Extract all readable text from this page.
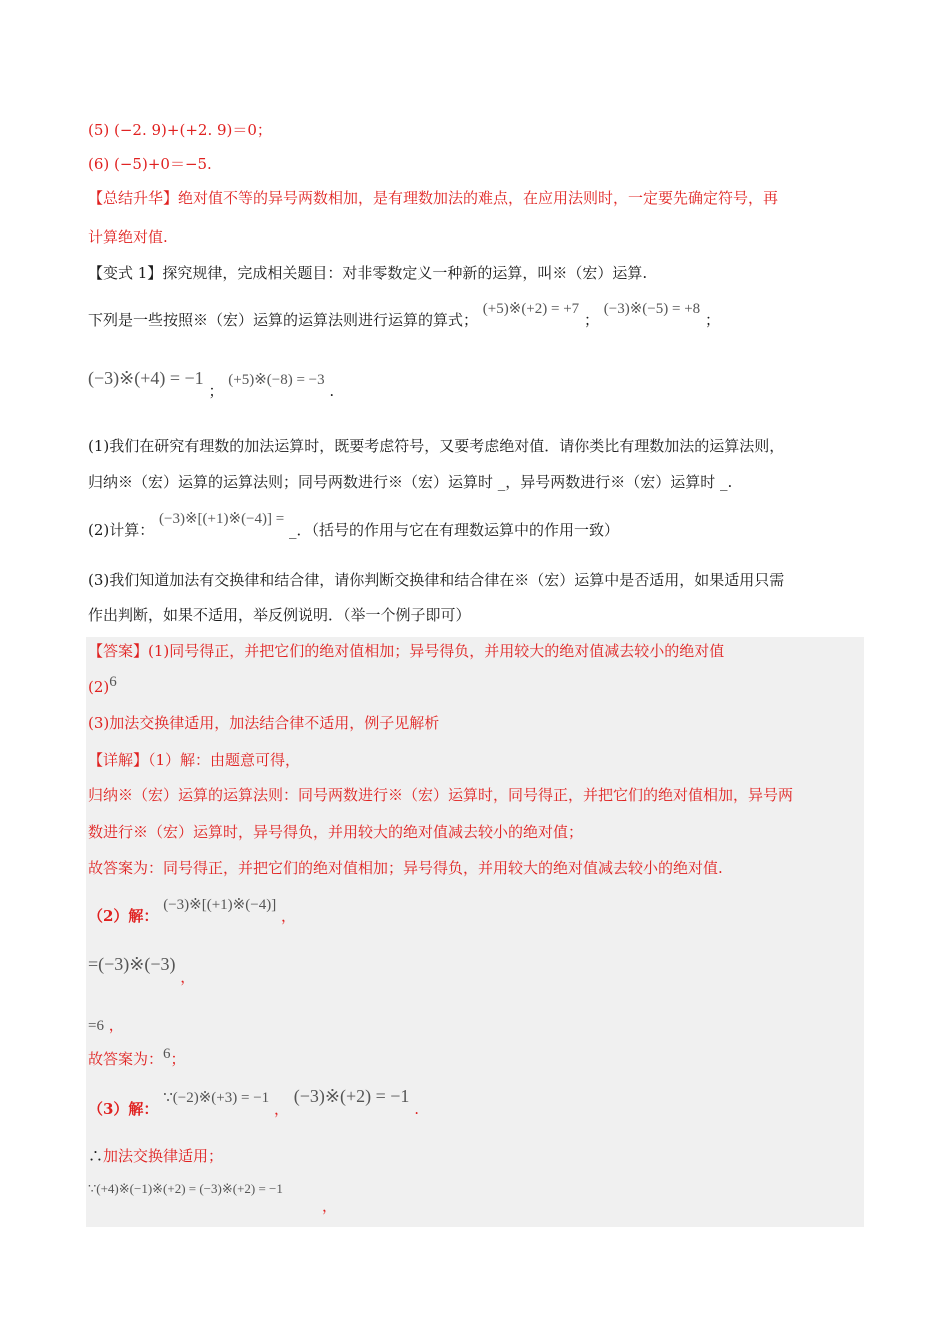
(5) (−2. 9)+(+2. 9)＝0；
(6) (−5)+0＝−5.
【总结升华】绝对值不等的异号两数相加，是有理数加法的难点，在应用法则时，一定要先确定符号，再
计算绝对值.
【变式 1】探究规律，完成相关题目：对非零数定义一种新的运算，叫※（宏）运算.
下列是一些按照※（宏）运算的运算法则进行运算的算式； (+5)※(+2) = +7 ； (−3)※(−5) = +8 ；
(−3)※(+4) = −1 ； (+5)※(−8) = −3 .
(1)我们在研究有理数的加法运算时，既要考虑符号，又要考虑绝对值．请你类比有理数加法的运算法则，
归纳※（宏）运算的运算法则；同号两数进行※（宏）运算时 _，异号两数进行※（宏）运算时 _.
(2)计算： (−3)※[(+1)※(−4)] = _．（括号的作用与它在有理数运算中的作用一致）
(3)我们知道加法有交换律和结合律，请你判断交换律和结合律在※（宏）运算中是否适用，如果适用只需
作出判断，如果不适用，举反例说明．（举一个例子即可）
【答案】(1)同号得正，并把它们的绝对值相加；异号得负，并用较大的绝对值减去较小的绝对值
(2)6
(3)加法交换律适用，加法结合律不适用，例子见解析
【详解】（1）解：由题意可得，
归纳※（宏）运算的运算法则：同号两数进行※（宏）运算时，同号得正，并把它们的绝对值相加，异号两
数进行※（宏）运算时，异号得负，并用较大的绝对值减去较小的绝对值；
故答案为：同号得正，并把它们的绝对值相加；异号得负，并用较大的绝对值减去较小的绝对值.
（2）解： (−3)※[(+1)※(−4)] ，
=(−3)※(−3) ，
=6 ，
故答案为：6；
（3）解： ∵(−2)※(+3) = −1 ， (−3)※(+2) = −1 .
∴加法交换律适用；
∵(+4)※(−1)※(+2) = (−3)※(+2) = −1
，
